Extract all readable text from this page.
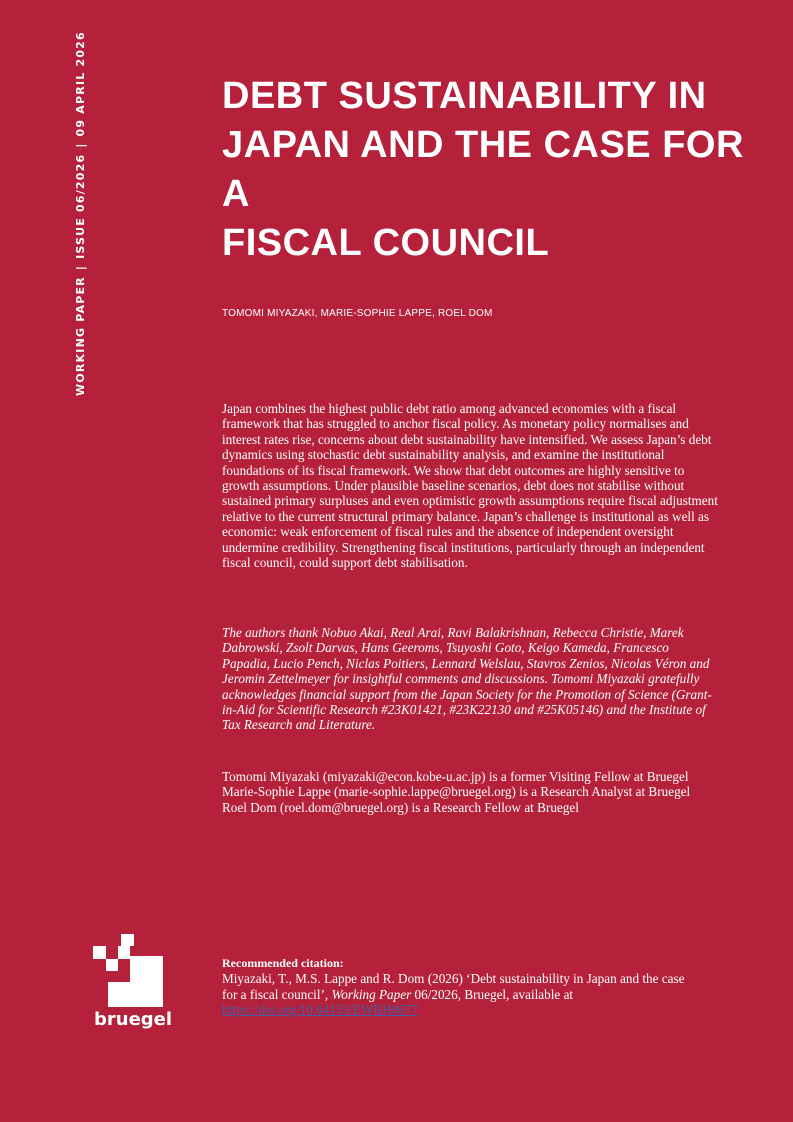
WORKING PAPER|ISSUE 06/2026|09 APRIL 2026	DEBT SUSTAINABILITY IN
JAPAN AND THE CASE FOR A
FISCAL COUNCIL
TOMOMI MIYAZAKI, MARIE-SOPHIE LAPPE, ROEL DOM

Japan combines the highest public debt ratio among advanced economies with a fiscal framework that has struggled to anchor fiscal policy. As monetary policy normalises and interest rates rise, concerns about debt sustainability have intensified. We assess Japan’s debt dynamics using stochastic debt sustainability analysis, and examine the institutional foundations of its fiscal framework. We show that debt outcomes are highly sensitive to growth assumptions. Under plausible baseline scenarios, debt does not stabilise without sustained primary surpluses and even optimistic growth assumptions require fiscal adjustment relative to the current structural primary balance. Japan’s challenge is institutional as well as economic: weak enforcement of fiscal rules and the absence of independent oversight undermine credibility. Strengthening fiscal institutions, particularly through an independent fiscal council, could support debt stabilisation.

The authors thank Nobuo Akai, Real Arai, Ravi Balakrishnan, Rebecca Christie, Marek Dabrowski, Zsolt Darvas, Hans Geeroms, Tsuyoshi Goto, Keigo Kameda, Francesco Papadia, Lucio Pench, Niclas Poitiers, Lennard Welslau, Stavros Zenios, Nicolas Véron and Jeromin Zettelmeyer for insightful comments and discussions. Tomomi Miyazaki gratefully acknowledges financial support from the Japan Society for the Promotion of Science (Grant-in-Aid for Scientific Research #23K01421, #23K22130 and #25K05146) and the Institute of Tax Research and Literature.

Tomomi Miyazaki (miyazaki@econ.kobe-u.ac.jp) is a former Visiting Fellow at Bruegel
Marie-Sophie Lappe (marie-sophie.lappe@bruegel.org) is a Research Analyst at Bruegel
Roel Dom (roel.dom@bruegel.org) is a Research Fellow at Bruegel
bruegel
Recommended citation:
Miyazaki, T., M.S. Lappe and R. Dom (2026) ‘Debt sustainability in Japan and the case for a fiscal council’, Working Paper 06/2026, Bruegel, available at https://doi.org/10.64153/EWRH8677
